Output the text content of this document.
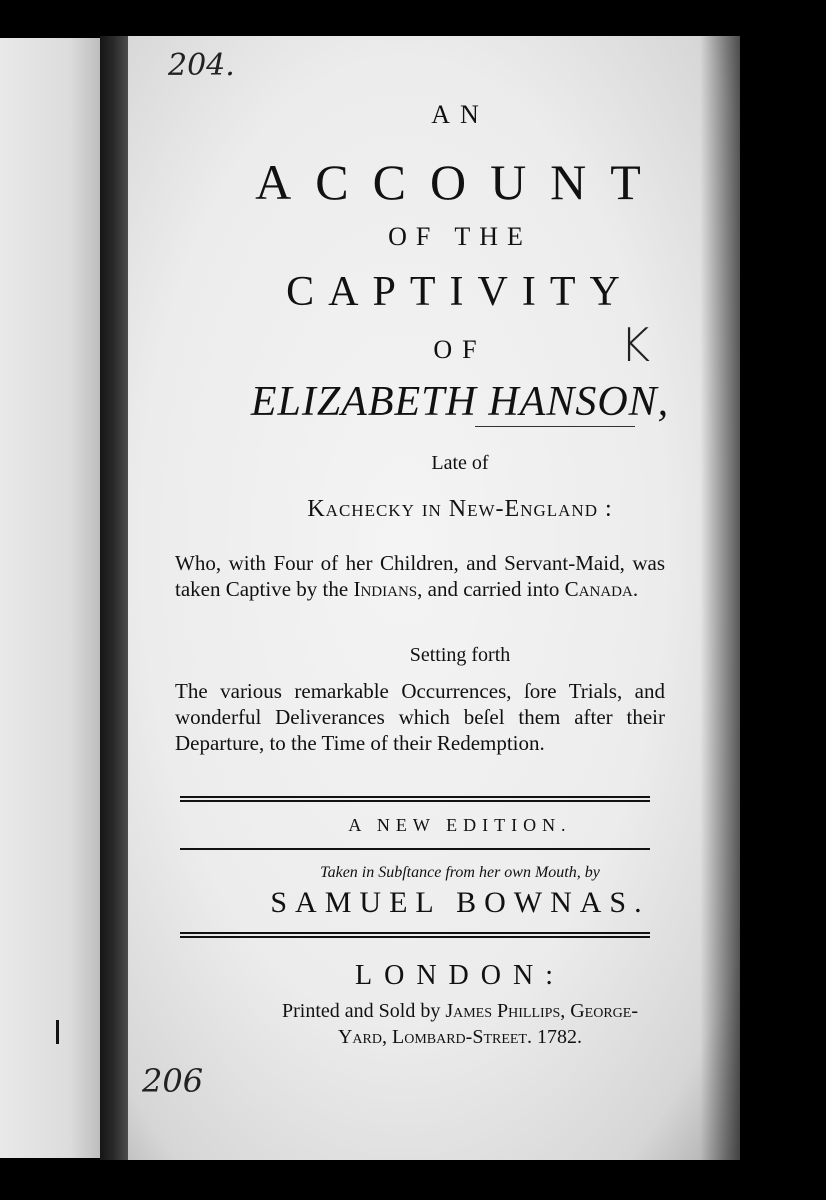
204.
K
206
AN
ACCOUNT
OF THE
CAPTIVITY
OF
ELIZABETH HANSON,
Late of
Kachecky in New-England :
Who, with Four of her Children, and Servant-Maid, was taken Captive by the Indians, and carried into Canada.
Setting forth
The various remarkable Occurrences, ſore Trials, and wonderful Deliverances which beſel them after their Departure, to the Time of their Redemption.
A NEW EDITION.
Taken in Subſtance from her own Mouth, by
SAMUEL BOWNAS.
LONDON:
Printed and Sold by James Phillips, George-
Yard, Lombard-Street. 1782.
